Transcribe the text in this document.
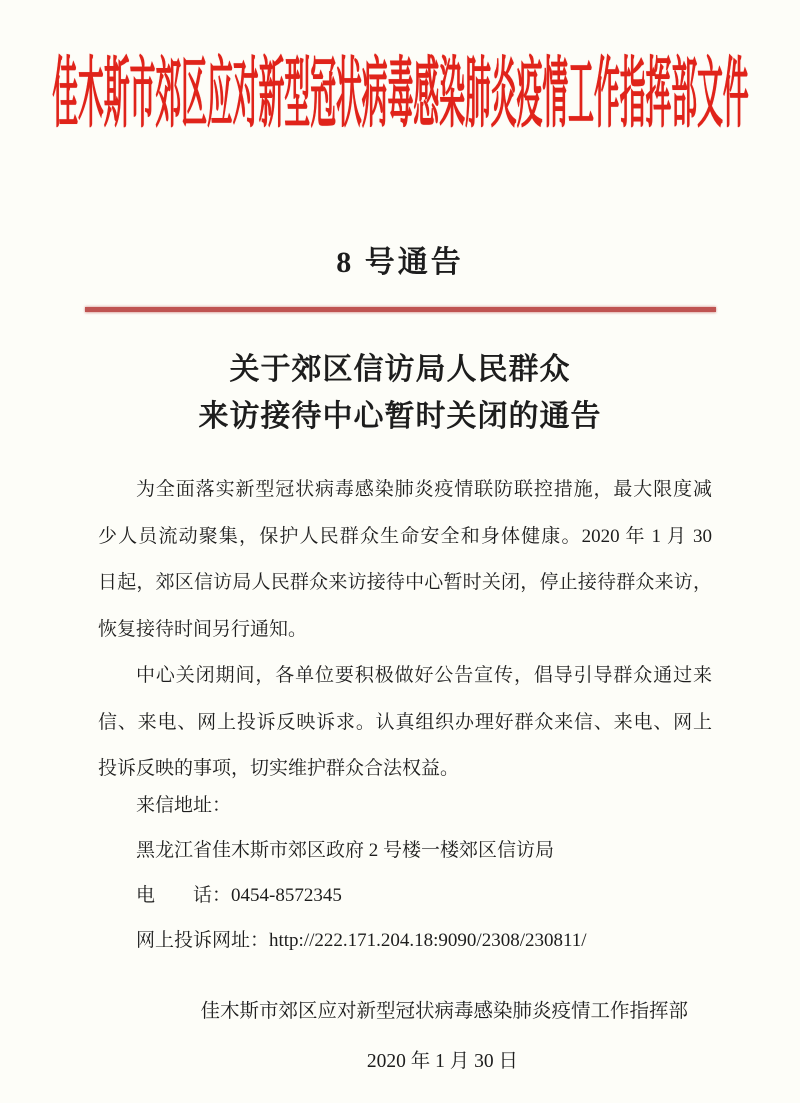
佳木斯市郊区应对新型冠状病毒感染肺炎疫情工作指挥部文件
8 号通告
关于郊区信访局人民群众
来访接待中心暂时关闭的通告
为全面落实新型冠状病毒感染肺炎疫情联防联控措施，最大限度减
少人员流动聚集，保护人民群众生命安全和身体健康。2020 年 1 月 30
日起，郊区信访局人民群众来访接待中心暂时关闭，停止接待群众来访，
恢复接待时间另行通知。
中心关闭期间，各单位要积极做好公告宣传，倡导引导群众通过来
信、来电、网上投诉反映诉求。认真组织办理好群众来信、来电、网上
投诉反映的事项，切实维护群众合法权益。
来信地址：
黑龙江省佳木斯市郊区政府 2 号楼一楼郊区信访局
电　　话：0454-8572345
网上投诉网址：http://222.171.204.18:9090/2308/230811/
佳木斯市郊区应对新型冠状病毒感染肺炎疫情工作指挥部
2020 年 1 月 30 日
